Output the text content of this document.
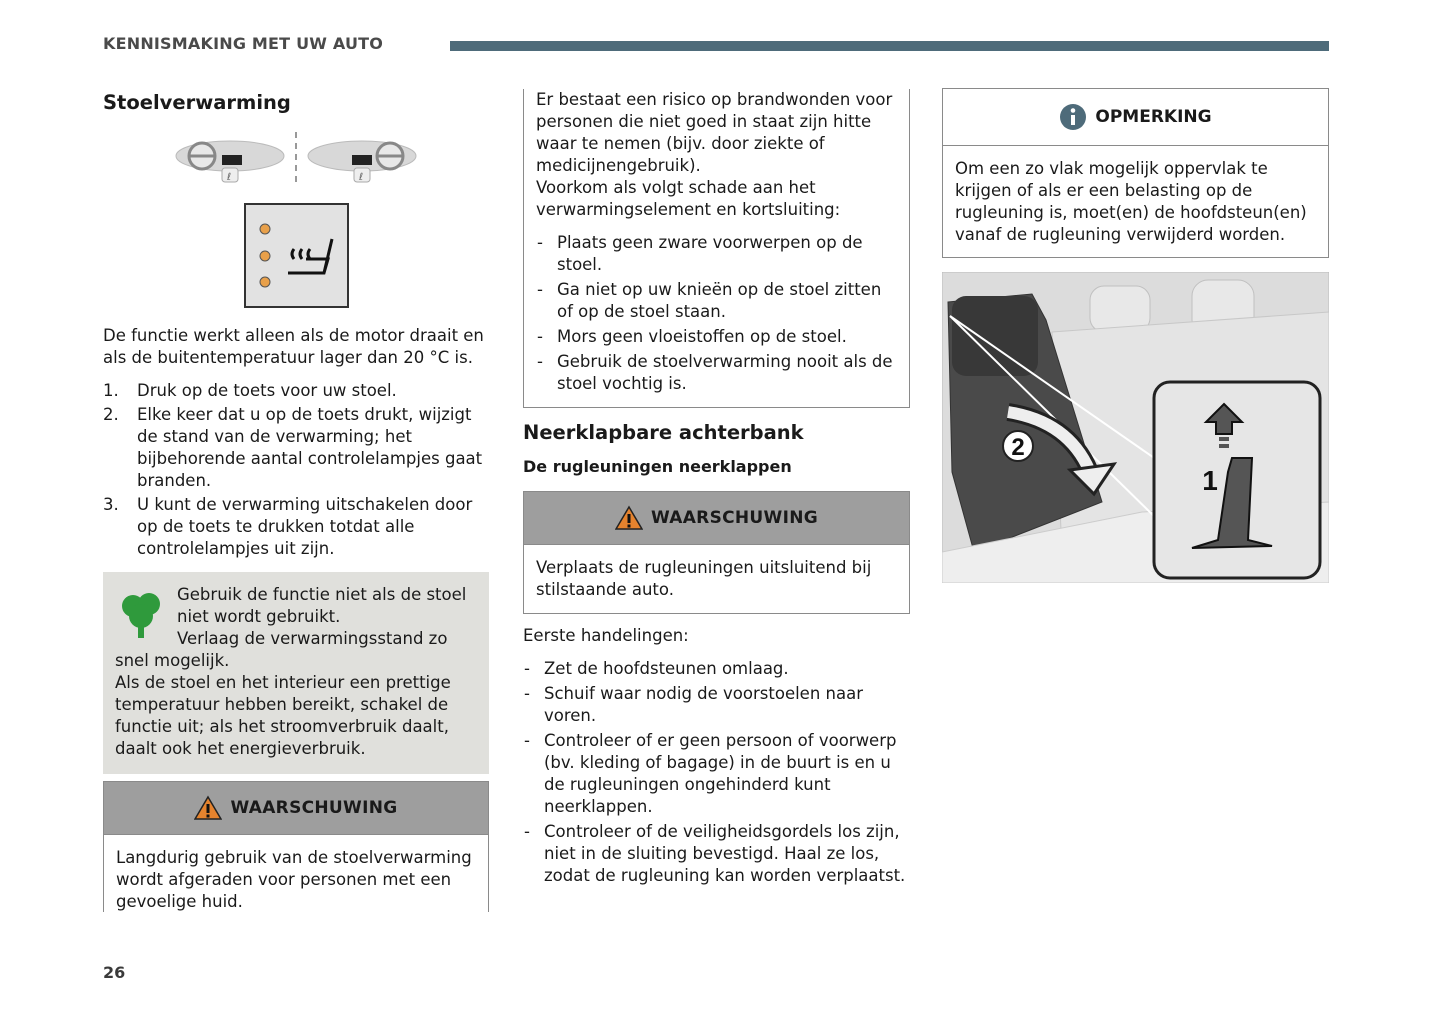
KENNISMAKING MET UW AUTO
Stoelverwarming
ℓ	ℓ

De functie werkt alleen als de motor draait en als de buitentemperatuur lager dan 20 °C is.

1. Druk op de toets voor uw stoel.
2. Elke keer dat u op de toets drukt, wijzigt de stand van de verwarming; het bijbehorende aantal controlelampjes gaat branden.
3. U kunt de verwarming uitschakelen door op de toets te drukken totdat alle controlelampjes uit zijn.

Gebruik de functie niet als de stoel niet wordt gebruikt.

Verlaag de verwarmingsstand zo snel mogelijk.

Als de stoel en het interieur een prettige temperatuur hebben bereikt, schakel de functie uit; als het stroomverbruik daalt, daalt ook het energieverbruik.

WAARSCHUWING

Langdurig gebruik van de stoelverwarming wordt afgeraden voor personen met een gevoelige huid.

Er bestaat een risico op brandwonden voor personen die niet goed in staat zijn hitte waar te nemen (bijv. door ziekte of medicijnengebruik).

Voorkom als volgt schade aan het verwarmingselement en kortsluiting:

- Plaats geen zware voorwerpen op de stoel.
- Ga niet op uw knieën op de stoel zitten of op de stoel staan.
- Mors geen vloeistoffen op de stoel.
- Gebruik de stoelverwarming nooit als de stoel vochtig is.
Neerklapbare achterbank
De rugleuningen neerklappen
WAARSCHUWING

Verplaats de rugleuningen uitsluitend bij stilstaande auto.

Eerste handelingen:

- Zet de hoofdsteunen omlaag.
- Schuif waar nodig de voorstoelen naar voren.
- Controleer of er geen persoon of voorwerp (bv. kleding of bagage) in de buurt is en u de rugleuningen ongehinderd kunt neerklappen.
- Controleer of de veiligheidsgordels los zijn, niet in de sluiting bevestigd. Haal ze los, zodat de rugleuning kan worden verplaatst.
OPMERKING

Om een zo vlak mogelijk oppervlak te krijgen of als er een belasting op de rugleuning is, moet(en) de hoofdsteun(en) vanaf de rugleuning verwijderd worden.

2
1
26
